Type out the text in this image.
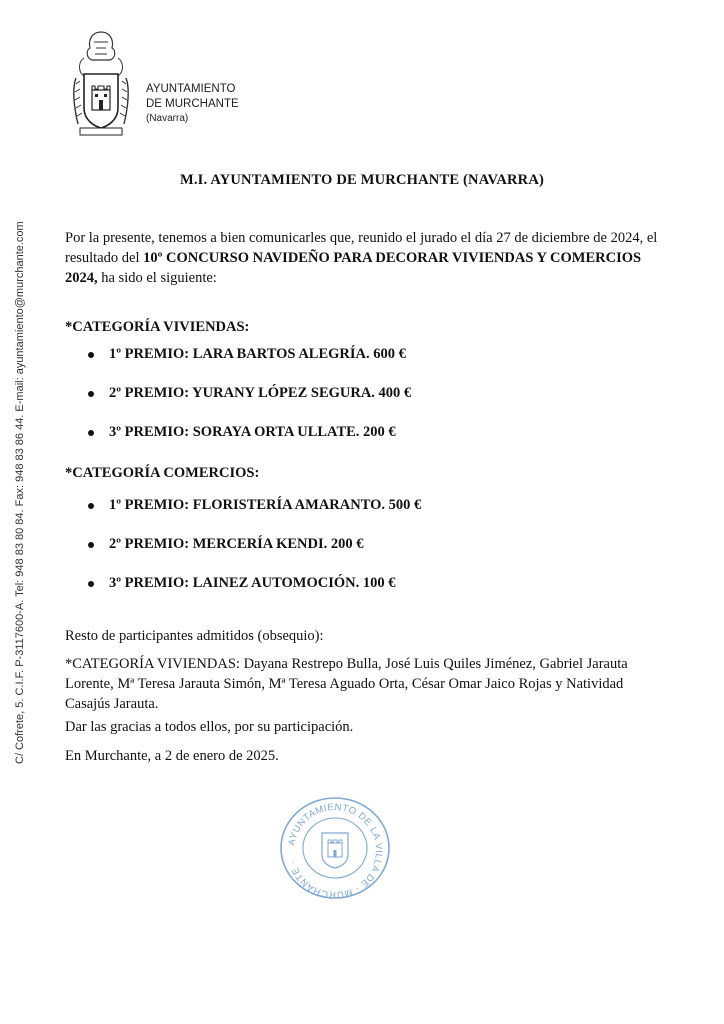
AYUNTAMIENTO
DE MURCHANTE
(Navarra)
M.I. AYUNTAMIENTO DE MURCHANTE (NAVARRA)
Por la presente, tenemos a bien comunicarles que, reunido el jurado el día 27 de diciembre de 2024, el resultado del 10º CONCURSO NAVIDEÑO PARA DECORAR VIVIENDAS Y COMERCIOS 2024, ha sido el siguiente:
*CATEGORÍA VIVIENDAS:
1º PREMIO: LARA BARTOS ALEGRÍA. 600 €
2º PREMIO: YURANY LÓPEZ SEGURA. 400 €
3º PREMIO: SORAYA ORTA ULLATE. 200 €
*CATEGORÍA COMERCIOS:
1º PREMIO: FLORISTERÍA AMARANTO. 500 €
2º PREMIO: MERCERÍA KENDI. 200 €
3º PREMIO: LAINEZ AUTOMOCIÓN. 100 €
Resto de participantes admitidos (obsequio):
*CATEGORÍA VIVIENDAS: Dayana Restrepo Bulla, José Luis Quiles Jiménez, Gabriel Jarauta Lorente, Mª Teresa Jarauta Simón, Mª Teresa Aguado Orta, César Omar Jaico Rojas y Natividad Casajús Jarauta.
Dar las gracias a todos ellos, por su participación.
En Murchante, a 2 de enero de 2025.
C/ Cofrete, 5. C.I.F. P-3117600-A. Tel: 948 83 80 84. Fax: 948 83 86 44. E-mail: ayuntamiento@murchante.com
AYUNTAMIENTO DE LA VILLA DE · MURCHANTE ·
